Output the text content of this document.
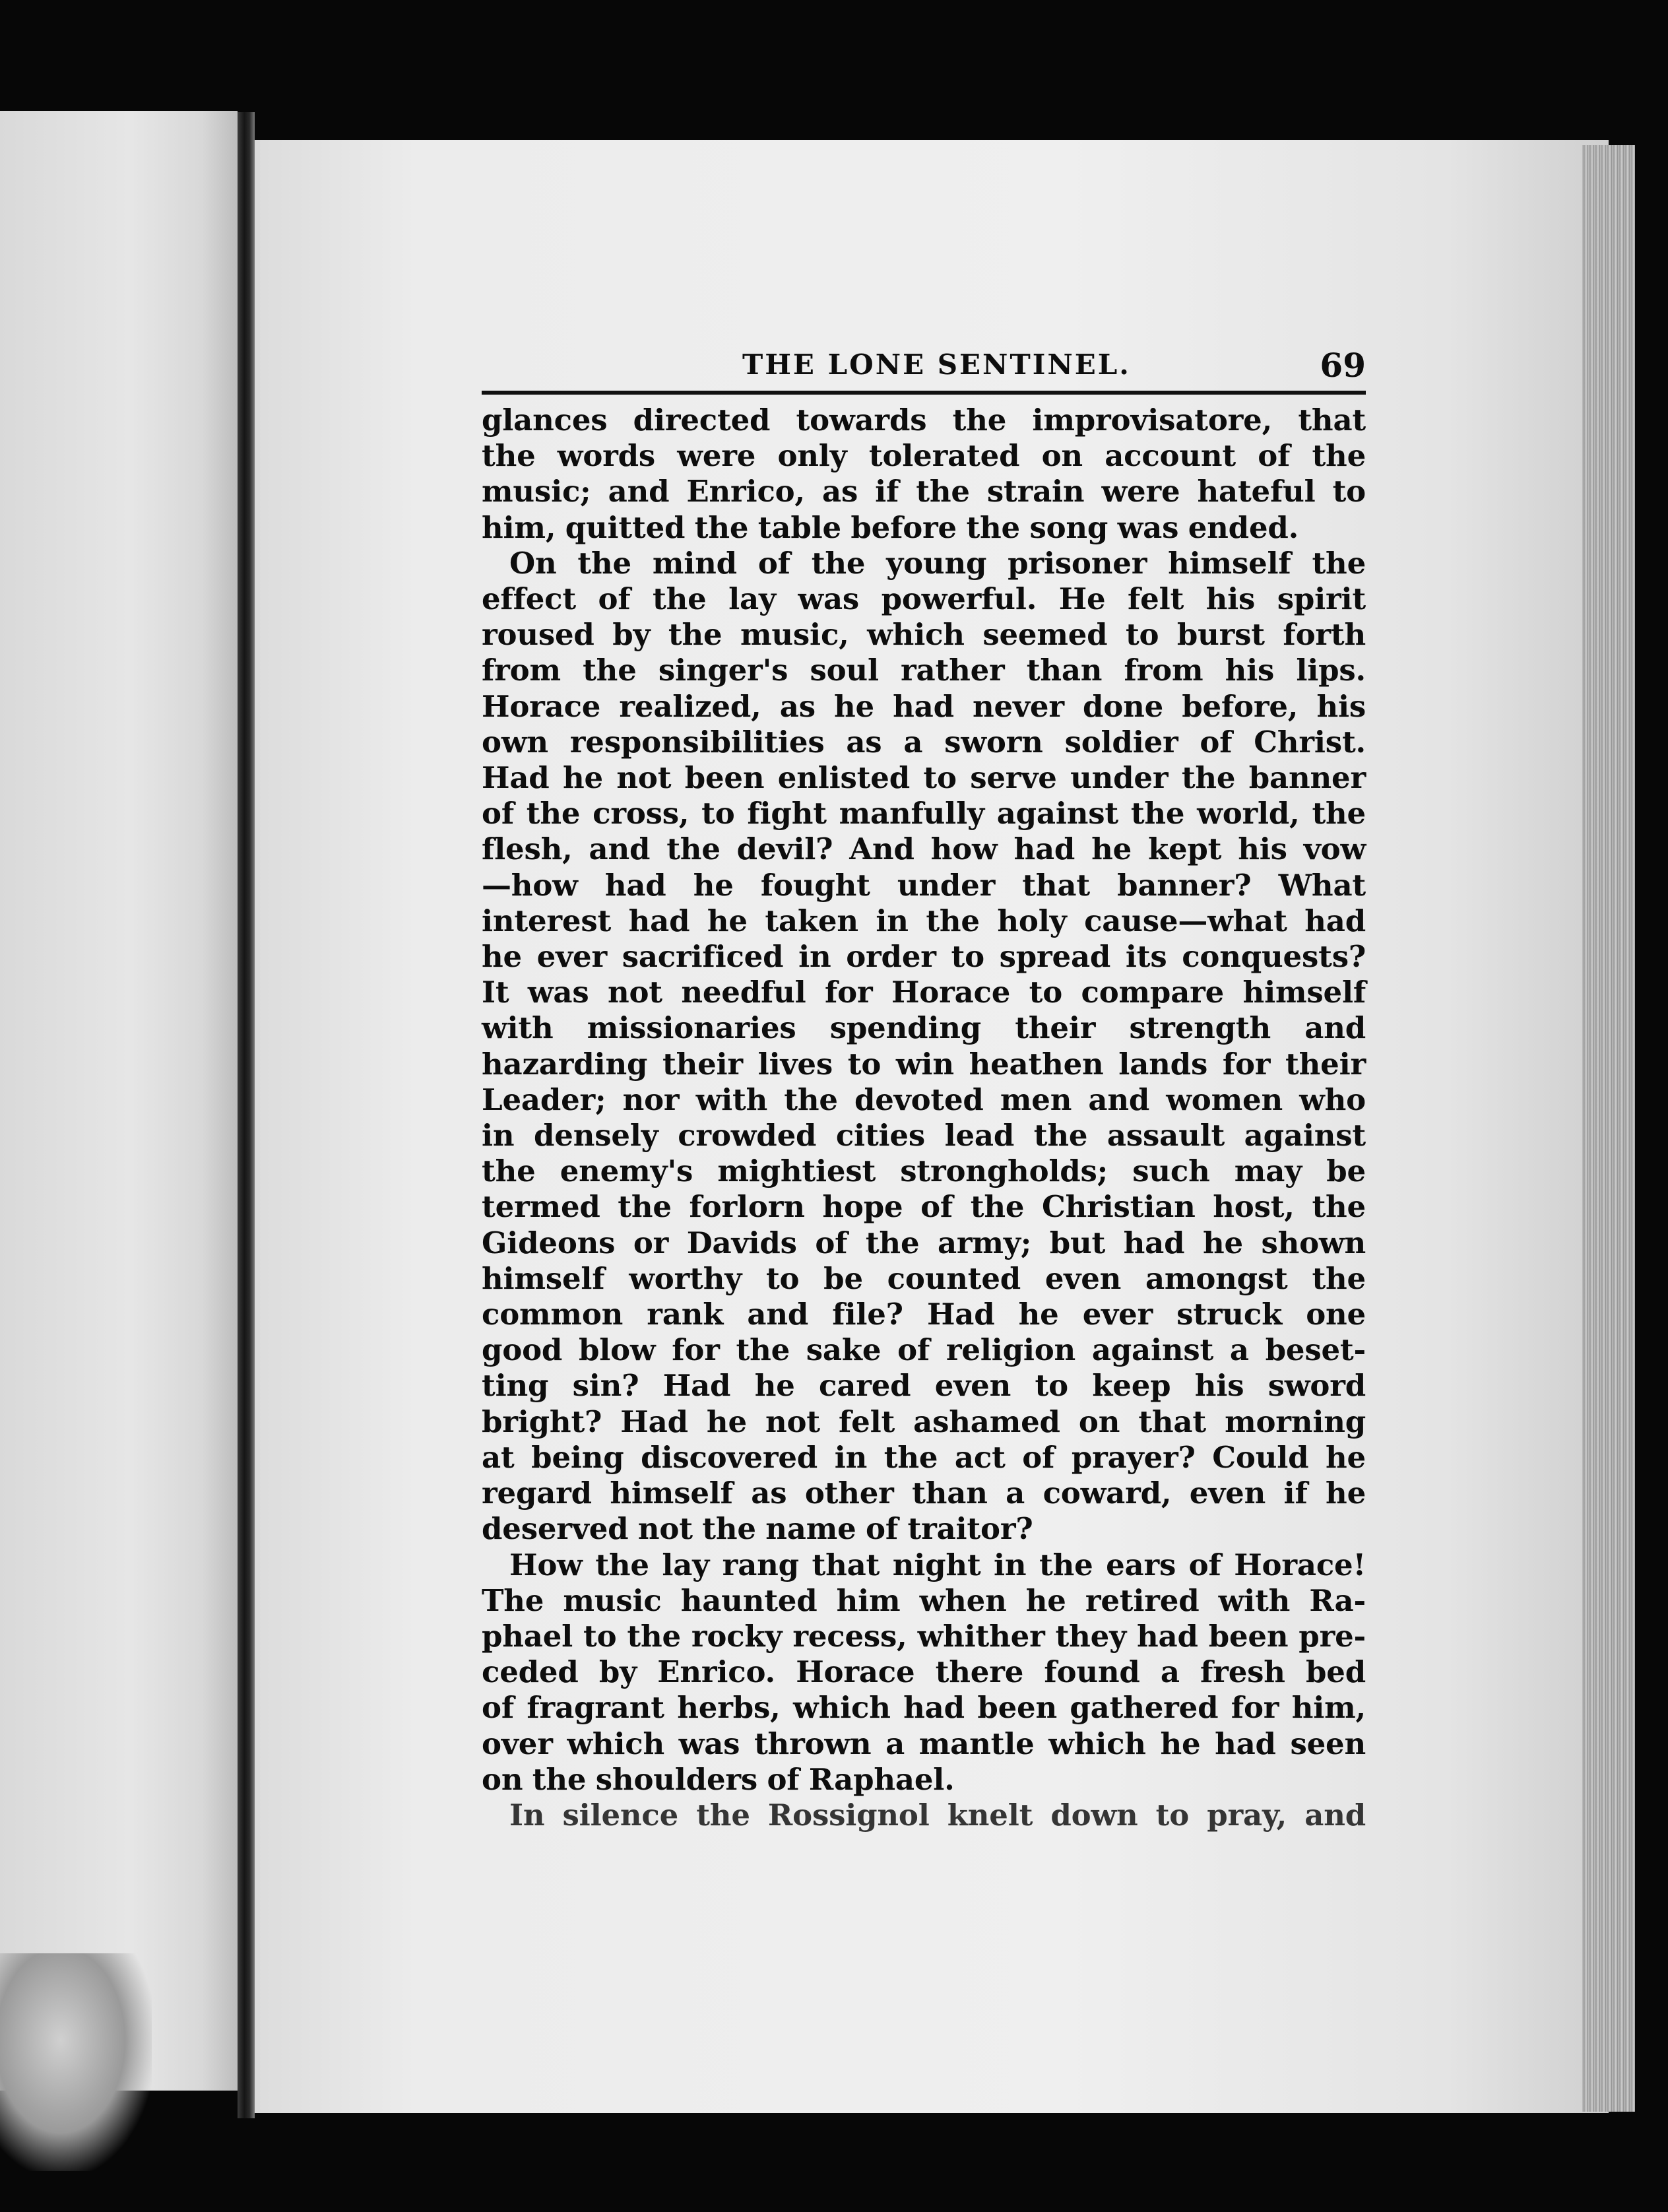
THE LONE SENTINEL.	69
glances directed towards the improvisatore, that
the words were only tolerated on account of the
music; and Enrico, as if the strain were hateful to
him, quitted the table before the song was ended.
On the mind of the young prisoner himself the
effect of the lay was powerful. He felt his spirit
roused by the music, which seemed to burst forth
from the singer's soul rather than from his lips.
Horace realized, as he had never done before, his
own responsibilities as a sworn soldier of Christ.
Had he not been enlisted to serve under the banner
of the cross, to fight manfully against the world, the
flesh, and the devil? And how had he kept his vow
—how had he fought under that banner? What
interest had he taken in the holy cause—what had
he ever sacrificed in order to spread its conquests?
It was not needful for Horace to compare himself
with missionaries spending their strength and
hazarding their lives to win heathen lands for their
Leader; nor with the devoted men and women who
in densely crowded cities lead the assault against
the enemy's mightiest strongholds; such may be
termed the forlorn hope of the Christian host, the
Gideons or Davids of the army; but had he shown
himself worthy to be counted even amongst the
common rank and file? Had he ever struck one
good blow for the sake of religion against a beset-
ting sin? Had he cared even to keep his sword
bright? Had he not felt ashamed on that morning
at being discovered in the act of prayer? Could he
regard himself as other than a coward, even if he
deserved not the name of traitor?
How the lay rang that night in the ears of Horace!
The music haunted him when he retired with Ra-
phael to the rocky recess, whither they had been pre-
ceded by Enrico. Horace there found a fresh bed
of fragrant herbs, which had been gathered for him,
over which was thrown a mantle which he had seen
on the shoulders of Raphael.
In silence the Rossignol knelt down to pray, and
